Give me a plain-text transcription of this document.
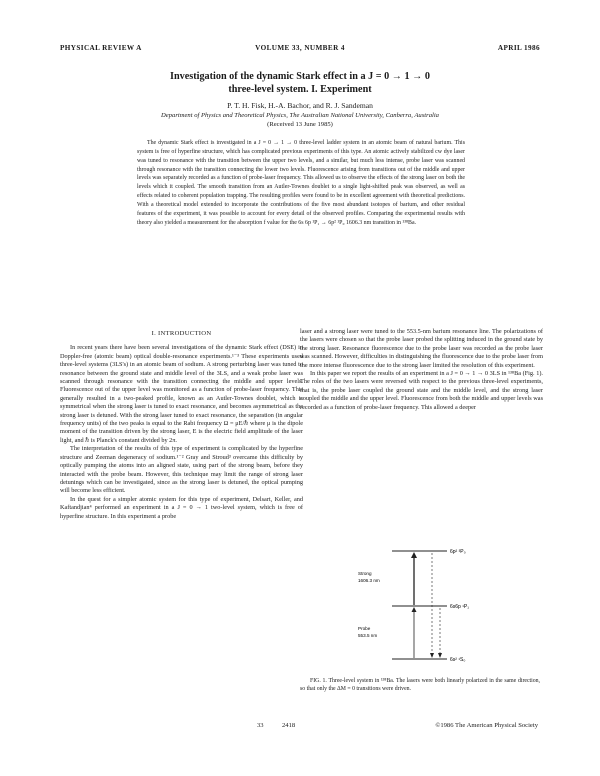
PHYSICAL REVIEW A	VOLUME 33, NUMBER 4	APRIL 1986
Investigation of the dynamic Stark effect in a J = 0 → 1 → 0
three-level system. I. Experiment
P. T. H. Fisk, H.-A. Bachor, and R. J. Sandeman
Department of Physics and Theoretical Physics, The Australian National University, Canberra, Australia
(Received 13 June 1985)

The dynamic Stark effect is investigated in a J = 0 → 1 → 0 three-level ladder system in an atomic beam of natural barium. This system is free of hyperfine structure, which has complicated previous experiments of this type. An atomic actively stabilized cw dye laser was tuned to resonance with the transition between the upper two levels, and a similar, but much less intense, probe laser was scanned through resonance with the transition connecting the lower two levels. Fluorescence arising from transitions out of the middle and upper levels was separately recorded as a function of probe-laser frequency. This allowed us to observe the effects of the strong laser on both the levels which it coupled. The smooth transition from an Autler-Townes doublet to a single light-shifted peak was observed, as well as effects related to coherent population trapping. The resulting profiles were found to be in excellent agreement with theoretical predictions. With a theoretical model extended to incorporate the contributions of the five most abundant isotopes of barium, and other residual features of the experiment, it was possible to account for every detail of the observed profiles. Comparing the experimental results with theory also yielded a measurement for the absorption f value for the 6s 6p ¹P₁ → 6p² ¹P₀ 1606.3 nm transition in ¹³⁸Ba.

I. INTRODUCTION

In recent years there have been several investigations of the dynamic Stark effect (DSE) in Doppler-free (atomic beam) optical double-resonance experiments.¹⁻³ These experiments used three-level systems (3LS's) in an atomic beam of sodium. A strong perturbing laser was tuned to resonance between the ground state and middle level of the 3LS, and a weak probe laser was scanned through resonance with the transition connecting the middle and upper levels. Fluorescence out of the upper level was monitored as a function of probe-laser frequency. This generally resulted in a two-peaked profile, known as an Autler-Townes doublet, which is symmetrical when the strong laser is tuned to exact resonance, and becomes asymmetrical as the strong laser is detuned. With the strong laser tuned to exact resonance, the separation (in angular frequency units) of the two peaks is equal to the Rabi frequency Ω = μE/ℏ where μ is the dipole moment of the transition driven by the strong laser, E is the electric field amplitude of the laser light, and ℏ is Planck's constant divided by 2π.

The interpretation of the results of this type of experiment is complicated by the hyperfine structure and Zeeman degeneracy of sodium.¹⁻² Gray and Stroud³ overcame this difficulty by optically pumping the atoms into an aligned state, using part of the strong beam, before they interacted with the probe beam. However, this technique may limit the range of strong laser detunings which can be investigated, since as the strong laser is detuned, the optical pumping will become less efficient.

In the quest for a simpler atomic system for this type of experiment, Delsart, Keller, and Kaftandjian⁴ performed an experiment in a J = 0 → 1 two-level system, which is free of hyperfine structure. In this experiment a probe

laser and a strong laser were tuned to the 553.5-nm barium resonance line. The polarizations of the lasers were chosen so that the probe laser probed the splitting induced in the ground state by the strong laser. Resonance fluorescence due to the probe laser was recorded as the probe laser was scanned. However, difficulties in distinguishing the fluorescence due to the probe laser from the more intense fluorescence due to the strong laser limited the resolution of this experiment.

In this paper we report the results of an experiment in a J = 0 → 1 → 0 3LS in ¹³⁸Ba (Fig. 1). The roles of the two lasers were reversed with respect to the previous three-level experiments, that is, the probe laser coupled the ground state and the middle level, and the strong laser coupled the middle and the upper level. Fluorescence from both the middle and upper levels was recorded as a function of probe-laser frequency. This allowed a deeper

6p² ³P₀
6s6p ¹P₁
6s² ¹S₀
Strong
1606.3 nm
Probe
553.5 nm

FIG. 1. Three-level system in ¹³⁸Ba. The lasers were both linearly polarized in the same direction, so that only the ΔM = 0 transitions were driven.

33	2418	©1986 The American Physical Society
